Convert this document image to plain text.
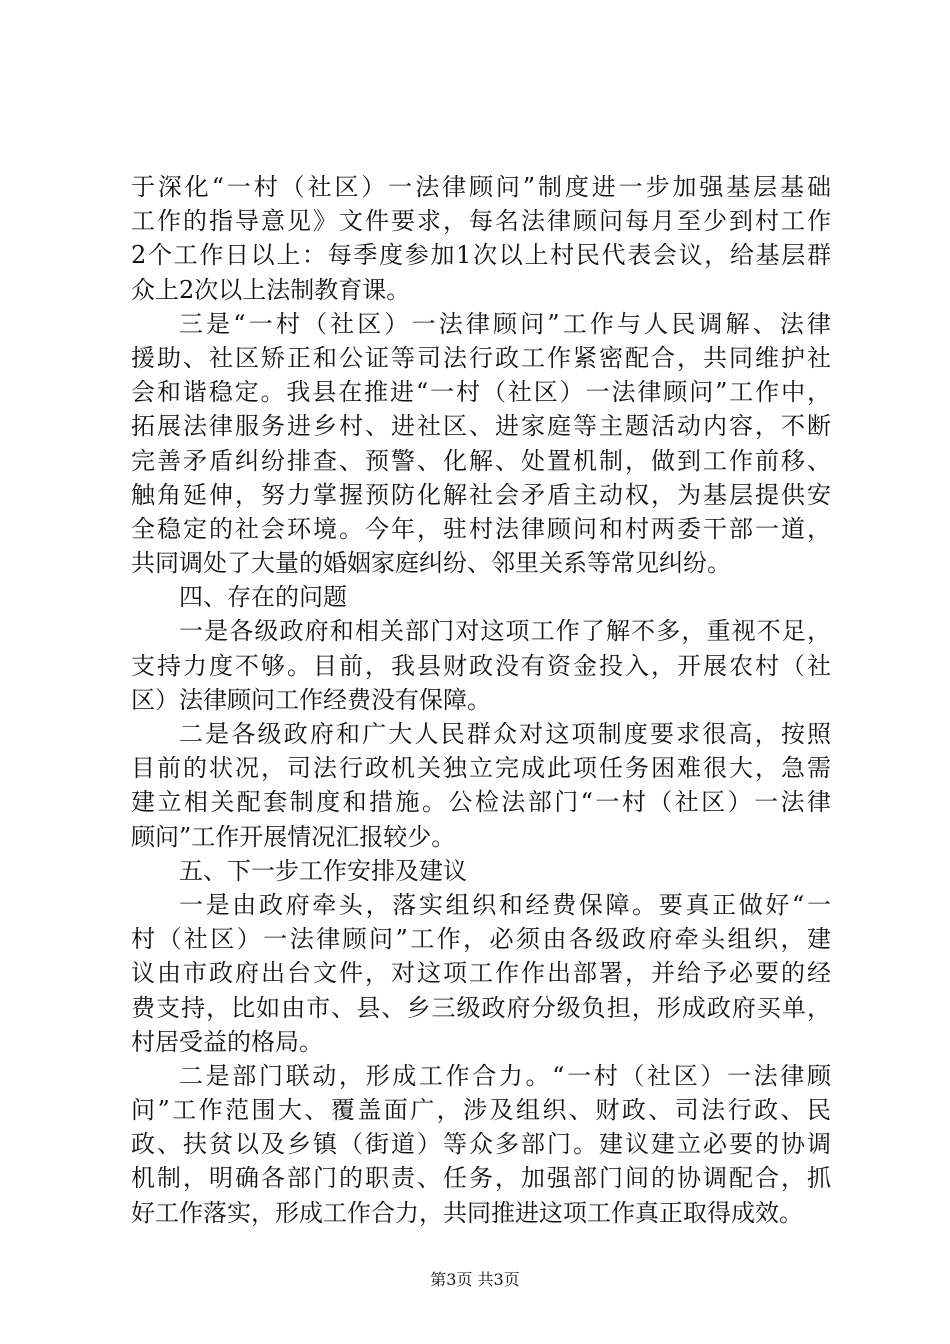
于深化“一村（社区）一法律顾问”制度进一步加强基层基础
工作的指导意见》文件要求，每名法律顾问每月至少到村工作
2个工作日以上：每季度参加1次以上村民代表会议，给基层群
众上2次以上法制教育课。
三是“一村（社区）一法律顾问”工作与人民调解、法律
援助、社区矫正和公证等司法行政工作紧密配合，共同维护社
会和谐稳定。我县在推进“一村（社区）一法律顾问”工作中，
拓展法律服务进乡村、进社区、进家庭等主题活动内容，不断
完善矛盾纠纷排查、预警、化解、处置机制，做到工作前移、
触角延伸，努力掌握预防化解社会矛盾主动权，为基层提供安
全稳定的社会环境。今年，驻村法律顾问和村两委干部一道，
共同调处了大量的婚姻家庭纠纷、邻里关系等常见纠纷。
四、存在的问题
一是各级政府和相关部门对这项工作了解不多，重视不足，
支持力度不够。目前，我县财政没有资金投入，开展农村（社
区）法律顾问工作经费没有保障。
二是各级政府和广大人民群众对这项制度要求很高，按照
目前的状况，司法行政机关独立完成此项任务困难很大，急需
建立相关配套制度和措施。公检法部门“一村（社区）一法律
顾问”工作开展情况汇报较少。
五、下一步工作安排及建议
一是由政府牵头，落实组织和经费保障。要真正做好“一
村（社区）一法律顾问”工作，必须由各级政府牵头组织，建
议由市政府出台文件，对这项工作作出部署，并给予必要的经
费支持，比如由市、县、乡三级政府分级负担，形成政府买单，
村居受益的格局。
二是部门联动，形成工作合力。“一村（社区）一法律顾
问”工作范围大、覆盖面广，涉及组织、财政、司法行政、民
政、扶贫以及乡镇（街道）等众多部门。建议建立必要的协调
机制，明确各部门的职责、任务，加强部门间的协调配合，抓
好工作落实，形成工作合力，共同推进这项工作真正取得成效。
第3页 共3页
